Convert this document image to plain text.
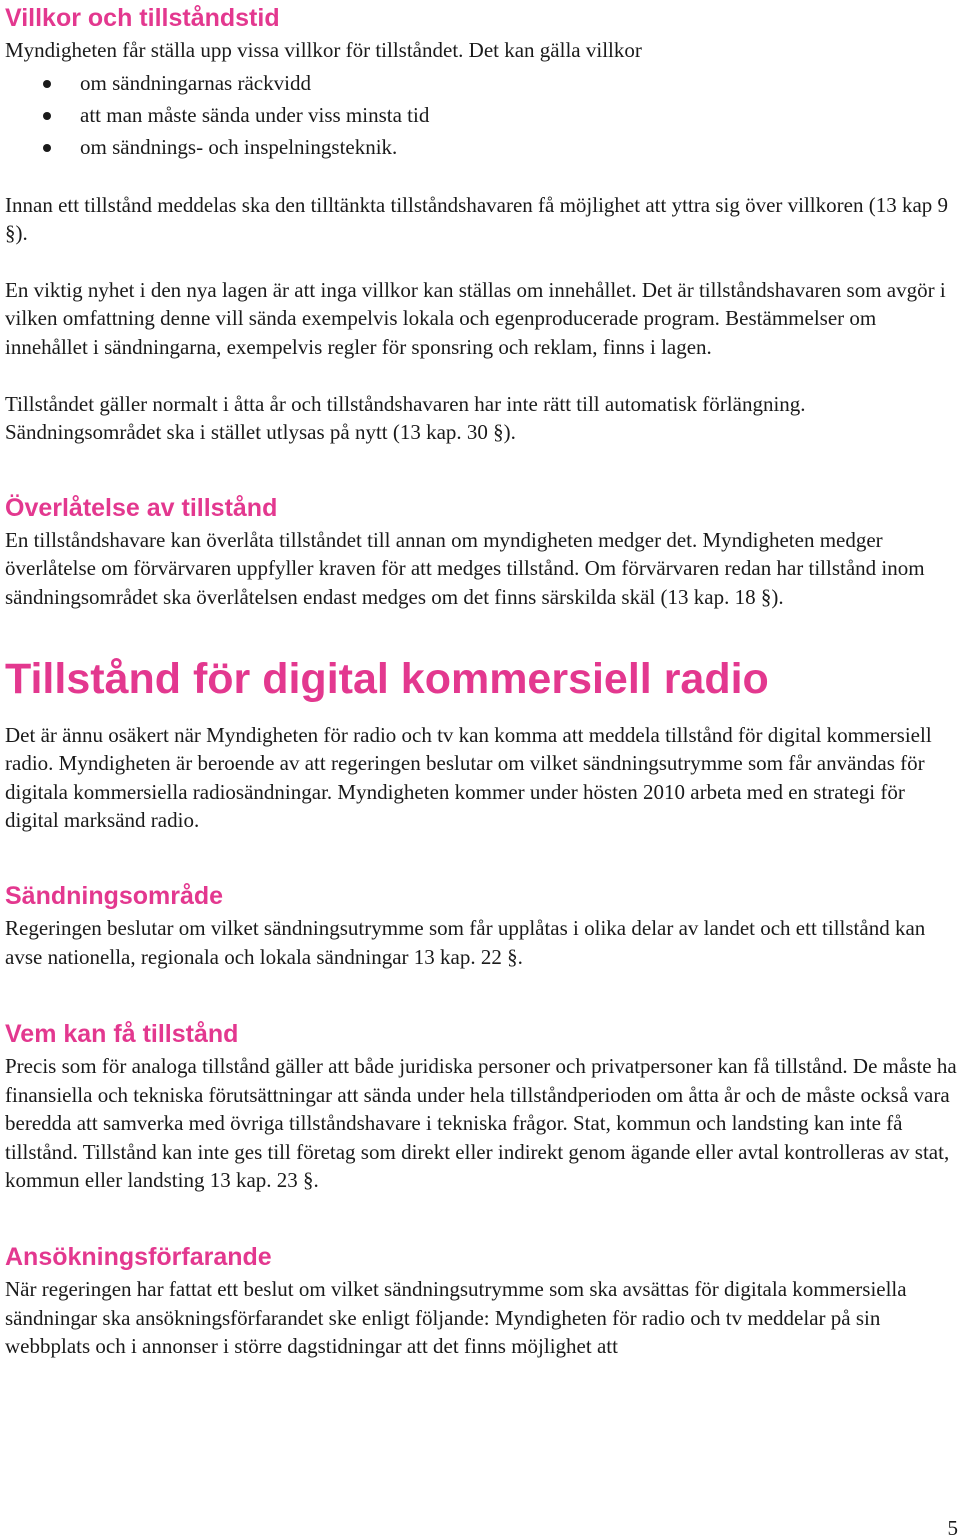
Villkor och tillståndstid

Myndigheten får ställa upp vissa villkor för tillståndet. Det kan gälla villkor

om sändningarnas räckvidd
att man måste sända under viss minsta tid
om sändnings- och inspelningsteknik.

Innan ett tillstånd meddelas ska den tilltänkta tillståndshavaren få möjlighet att yttra sig över villkoren (13 kap 9 §).

En viktig nyhet i den nya lagen är att inga villkor kan ställas om innehållet. Det är tillståndshavaren som avgör i vilken omfattning denne vill sända exempelvis lokala och egenproducerade program. Bestämmelser om innehållet i sändningarna, exempelvis regler för sponsring och reklam, finns i lagen.

Tillståndet gäller normalt i åtta år och tillståndshavaren har inte rätt till automatisk förlängning. Sändningsområdet ska i stället utlysas på nytt (13 kap. 30 §).

Överlåtelse av tillstånd

En tillståndshavare kan överlåta tillståndet till annan om myndigheten medger det. Myndigheten medger överlåtelse om förvärvaren uppfyller kraven för att medges tillstånd. Om förvärvaren redan har tillstånd inom sändningsområdet ska överlåtelsen endast medges om det finns särskilda skäl (13 kap. 18 §).

Tillstånd för digital kommersiell radio

Det är ännu osäkert när Myndigheten för radio och tv kan komma att meddela tillstånd för digital kommersiell radio. Myndigheten är beroende av att regeringen beslutar om vilket sändningsutrymme som får användas för digitala kommersiella radiosändningar. Myndigheten kommer under hösten 2010 arbeta med en strategi för digital marksänd radio.

Sändningsområde

Regeringen beslutar om vilket sändningsutrymme som får upplåtas i olika delar av landet och ett tillstånd kan avse nationella, regionala och lokala sändningar 13 kap. 22 §.

Vem kan få tillstånd

Precis som för analoga tillstånd gäller att både juridiska personer och privatpersoner kan få tillstånd. De måste ha finansiella och tekniska förutsättningar att sända under hela tillståndperioden om åtta år och de måste också vara beredda att samverka med övriga tillståndshavare i tekniska frågor. Stat, kommun och landsting kan inte få tillstånd. Tillstånd kan inte ges till företag som direkt eller indirekt genom ägande eller avtal kontrolleras av stat, kommun eller landsting 13 kap. 23 §.

Ansökningsförfarande

När regeringen har fattat ett beslut om vilket sändningsutrymme som ska avsättas för digitala kommersiella sändningar ska ansökningsförfarandet ske enligt följande: Myndigheten för radio och tv meddelar på sin webbplats och i annonser i större dagstidningar att det finns möjlighet att

5
